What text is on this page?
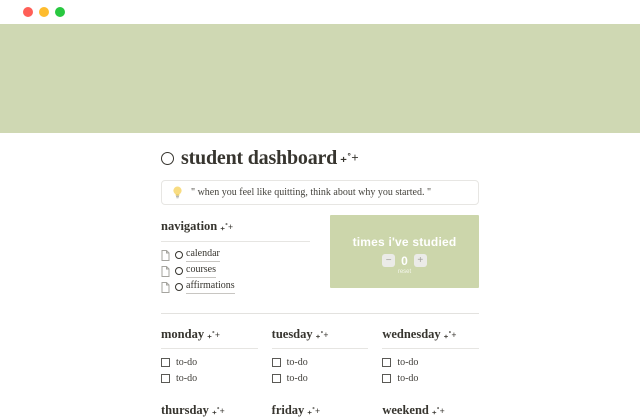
student dashboard ₊˚+
" when you feel like quitting, think about why you started. "
navigation ₊˚+
calendar
courses
affirmations
times i've studied
− 0 +
reset
monday ₊˚+
to-do
to-do
tuesday ₊˚+
to-do
to-do
wednesday ₊˚+
to-do
to-do
thursday ₊˚+	friday ₊˚+	weekend ₊˚+
